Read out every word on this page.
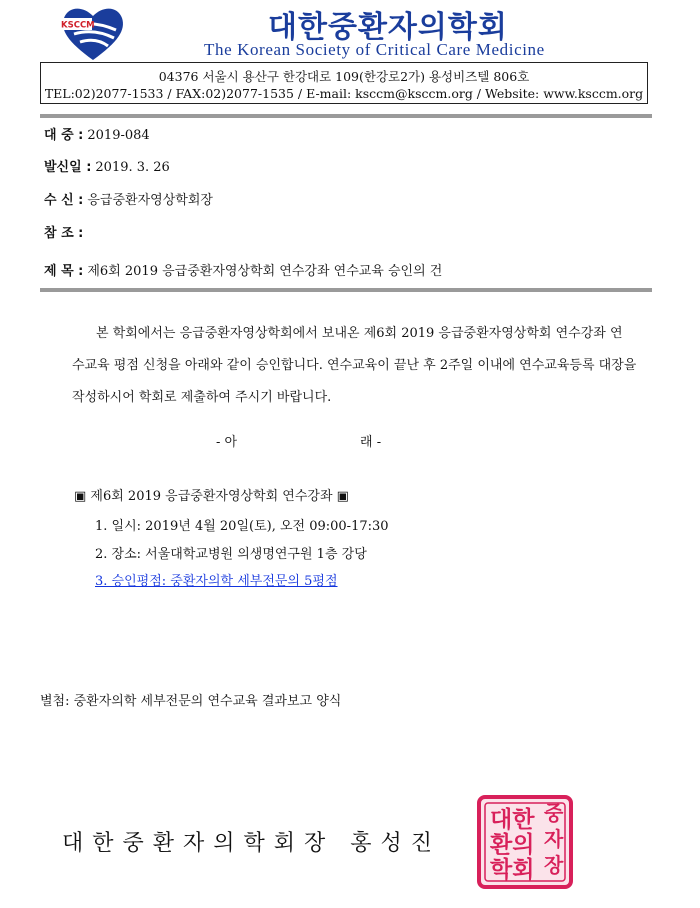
KSCCM	대한중환자의학회
The Korean Society of Critical Care Medicine
04376 서울시 용산구 한강대로 109(한강로2가) 용성비즈텔 806호
TEL:02)2077-1533 / FAX:02)2077-1535 / E-mail: ksccm@ksccm.org / Website: www.ksccm.org
대 중 : 2019-084
발신일 : 2019. 3. 26
수 신 : 응급중환자영상학회장
참 조 :
제 목 : 제6회 2019 응급중환자영상학회 연수강좌 연수교육 승인의 건
본 학회에서는 응급중환자영상학회에서 보내온 제6회 2019 응급중환자영상학회 연수강좌 연
수교육 평점 신청을 아래와 같이 승인합니다. 연수교육이 끝난 후 2주일 이내에 연수교육등록 대장을
작성하시어 학회로 제출하여 주시기 바랍니다.
- 아	래 -
▣ 제6회 2019 응급중환자영상학회 연수강좌 ▣
1. 일시: 2019년 4월 20일(토), 오전 09:00-17:30
2. 장소: 서울대학교병원 의생명연구원 1층 강당
3. 승인평점: 중환자의학 세부전문의 5평점
별첨: 중환자의학 세부전문의 연수교육 결과보고 양식
대한중환자의학회장 홍성진
대한
환의
학회
중
자
장
